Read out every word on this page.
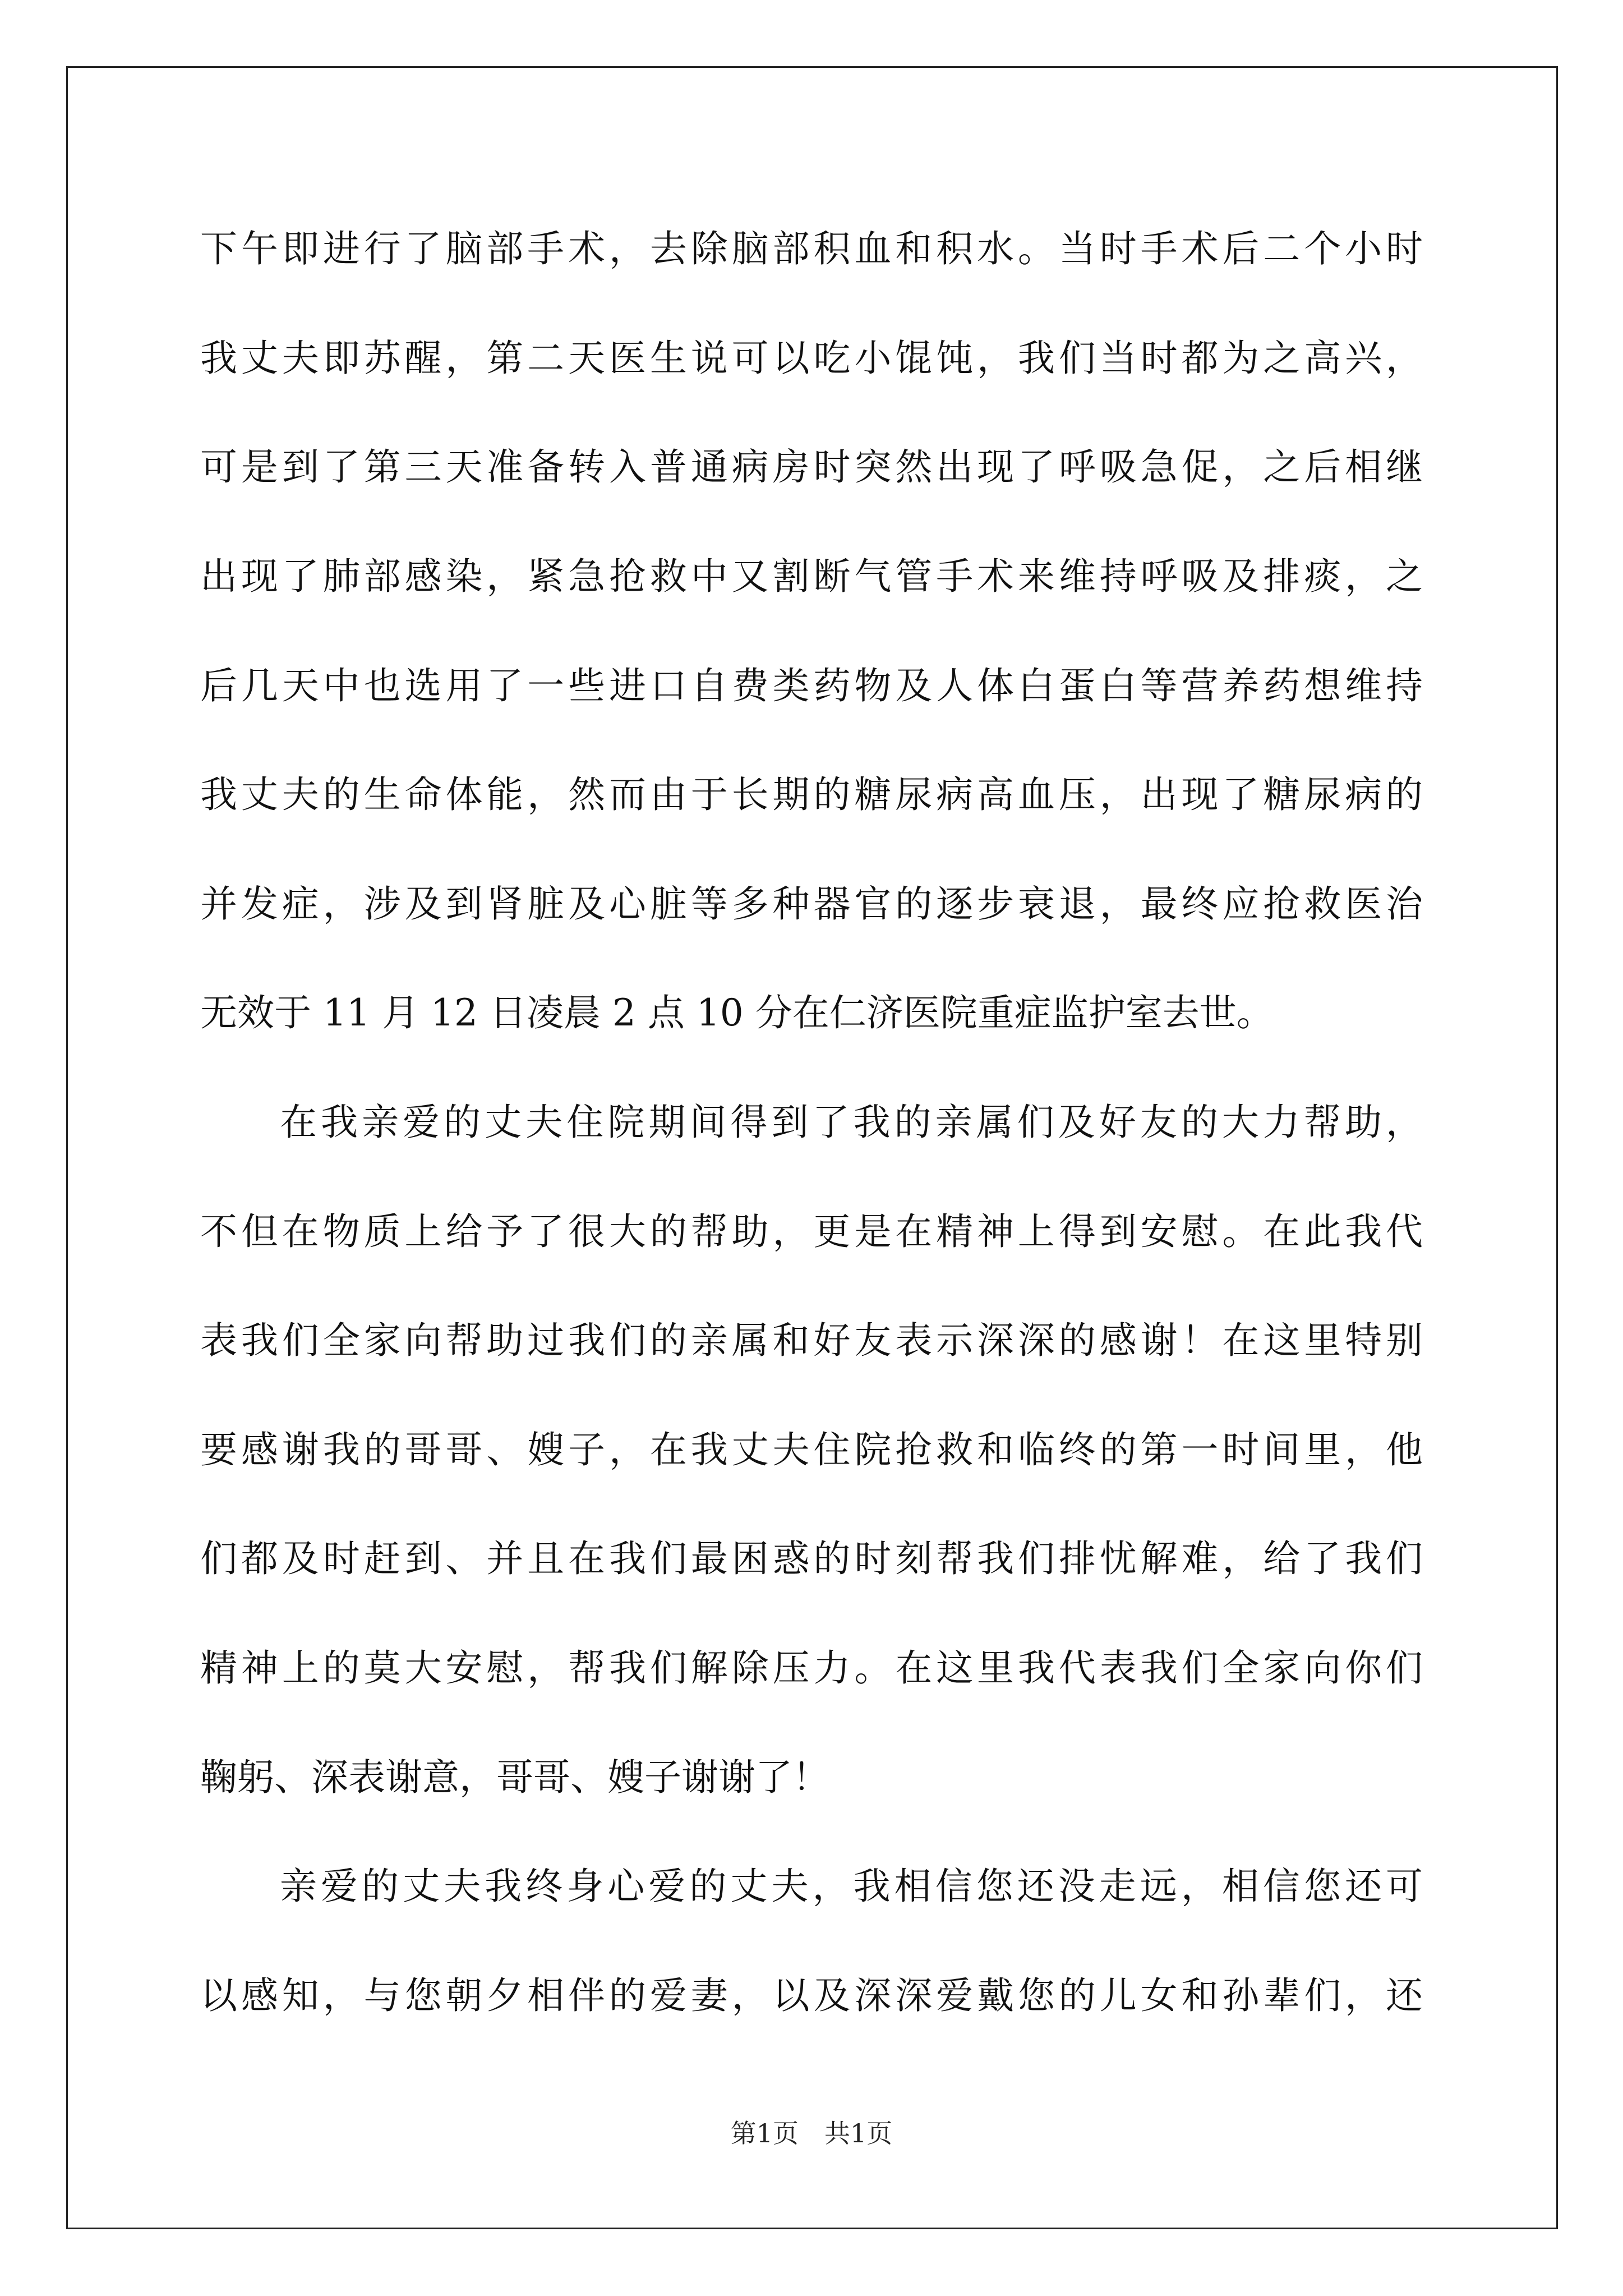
下午即进行了脑部手术，去除脑部积血和积水。当时手术后二个小时
我丈夫即苏醒，第二天医生说可以吃小馄饨，我们当时都为之高兴，
可是到了第三天准备转入普通病房时突然出现了呼吸急促，之后相继
出现了肺部感染，紧急抢救中又割断气管手术来维持呼吸及排痰，之
后几天中也选用了一些进口自费类药物及人体白蛋白等营养药想维持
我丈夫的生命体能，然而由于长期的糖尿病高血压，出现了糖尿病的
并发症，涉及到肾脏及心脏等多种器官的逐步衰退，最终应抢救医治
无效于 11 月 12 日凌晨 2 点 10 分在仁济医院重症监护室去世。
在我亲爱的丈夫住院期间得到了我的亲属们及好友的大力帮助，
不但在物质上给予了很大的帮助，更是在精神上得到安慰。在此我代
表我们全家向帮助过我们的亲属和好友表示深深的感谢！在这里特别
要感谢我的哥哥、嫂子，在我丈夫住院抢救和临终的第一时间里，他
们都及时赶到、并且在我们最困惑的时刻帮我们排忧解难，给了我们
精神上的莫大安慰，帮我们解除压力。在这里我代表我们全家向你们
鞠躬、深表谢意，哥哥、嫂子谢谢了！
亲爱的丈夫我终身心爱的丈夫，我相信您还没走远，相信您还可
以感知，与您朝夕相伴的爱妻，以及深深爱戴您的儿女和孙辈们，还
第1页　共1页
